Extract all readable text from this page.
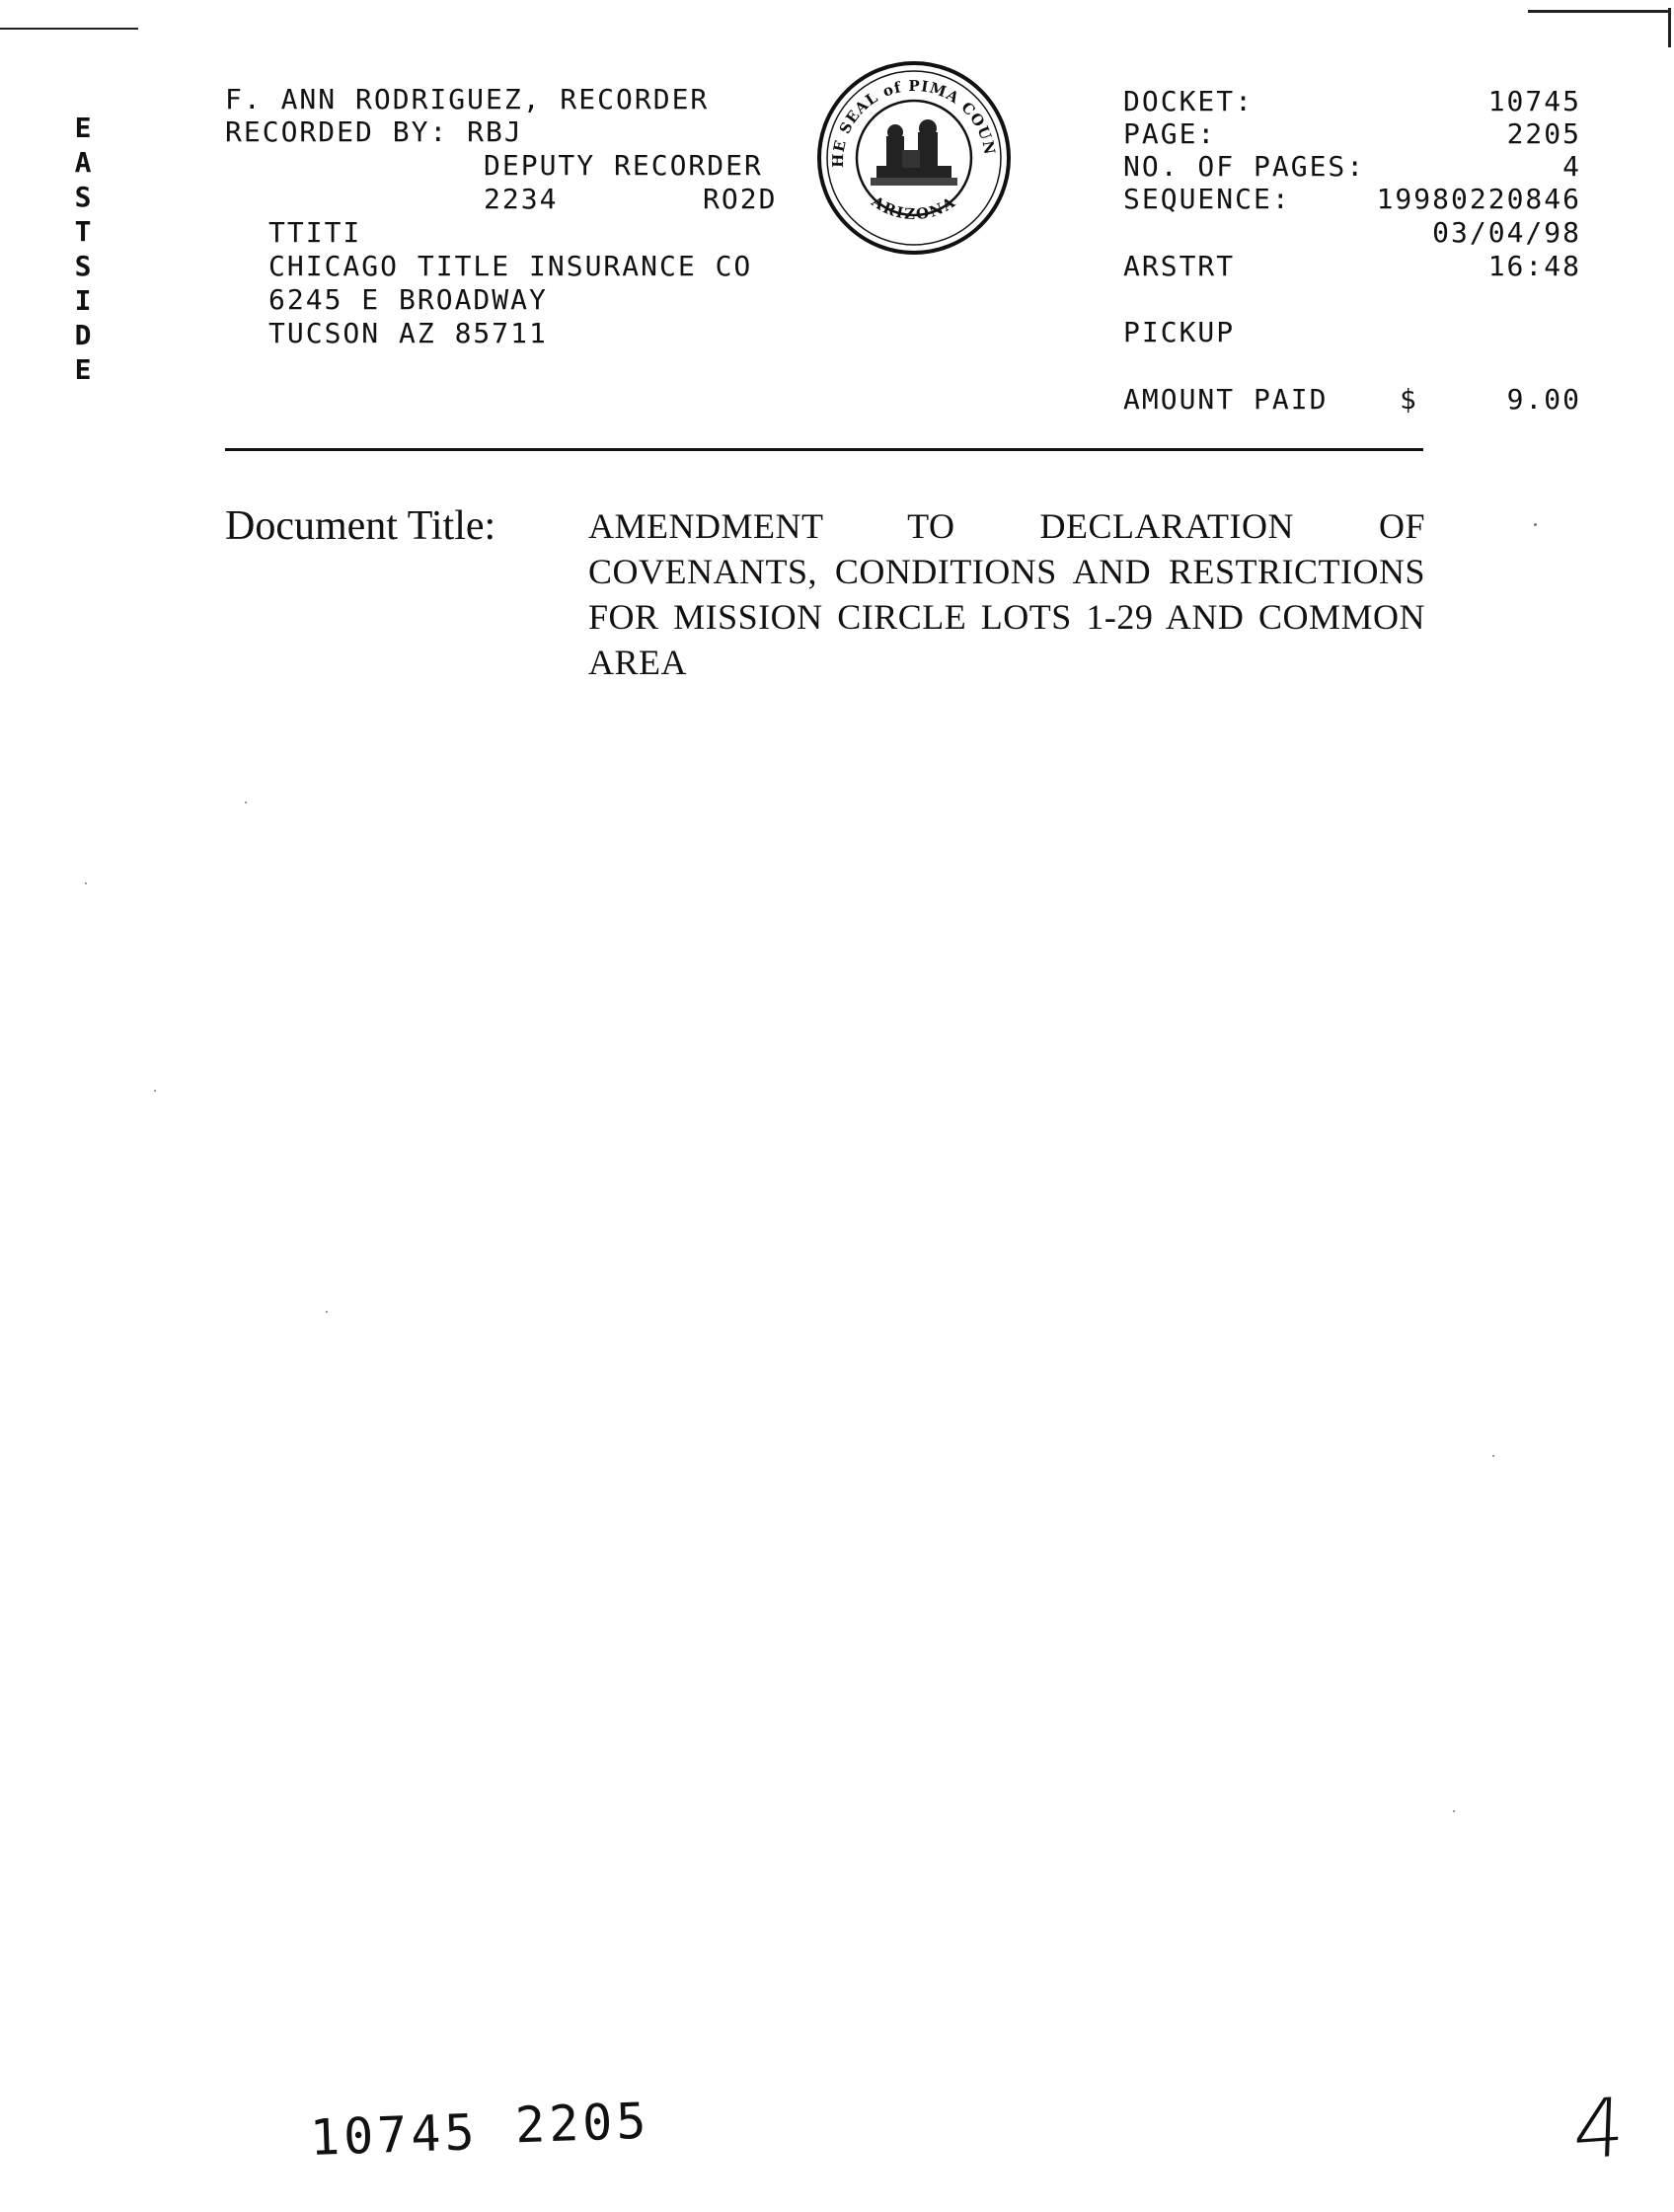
E
A
S
T
S
I
D
E
F. ANN RODRIGUEZ, RECORDER
RECORDED BY: RBJ
DEPUTY RECORDER
2234	RO2D
TTITI
CHICAGO TITLE INSURANCE CO
6245 E BROADWAY
TUCSON AZ 85711
HE SEAL of PIMA COUN
ARIZONA
DOCKET:	10745
PAGE:	2205
NO. OF PAGES:	4
SEQUENCE:	19980220846
03/04/98
ARSTRT	16:48
PICKUP
AMOUNT PAID	$	9.00
Document Title:	AMENDMENT TO DECLARATION OF COVENANTS, CONDITIONS AND RESTRICTIONS FOR MISSION CIRCLE LOTS 1-29 AND COMMON AREA
10745 2205	4
